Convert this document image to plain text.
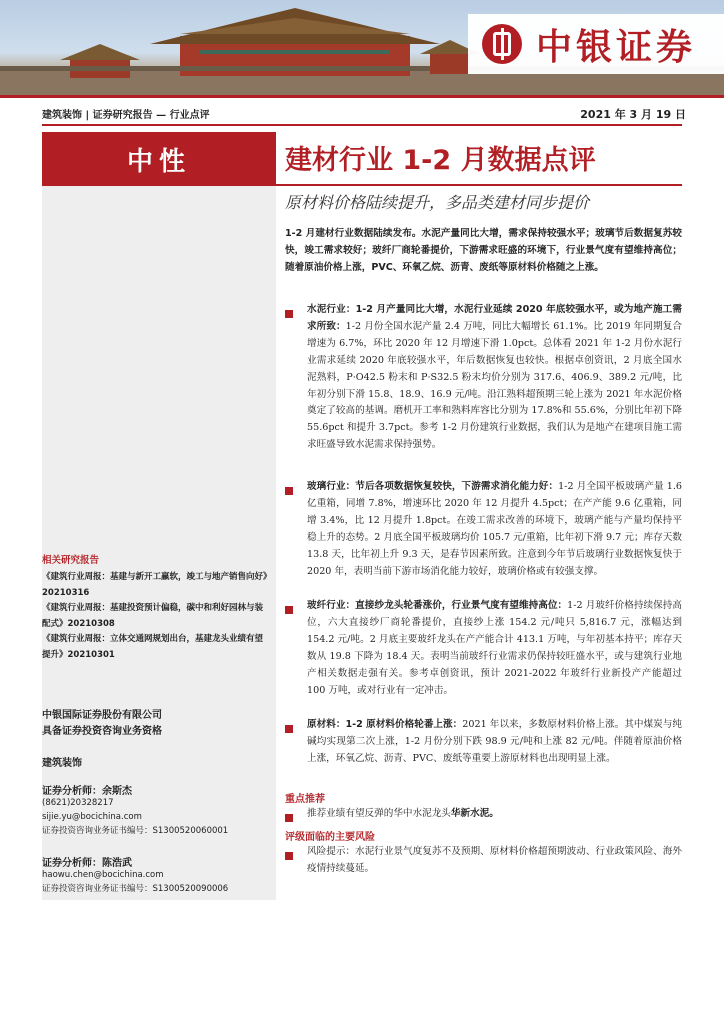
中银证券
建筑装饰 | 证券研究报告 — 行业点评	2021 年 3 月 19 日
中性	建材行业 1-2 月数据点评
原材料价格陆续提升，多品类建材同步提价
相关研究报告
《建筑行业周报：基建与新开工羸软，竣工与地产销售向好》20210316
《建筑行业周报：基建投资预计偏稳，碳中和利好园林与装配式》20210308
《建筑行业周报：立体交通网规划出台，基建龙头业绩有望提升》20210301
中银国际证券股份有限公司
具备证券投资咨询业务资格
建筑装饰
证券分析师：余斯杰
(8621)20328217
sijie.yu@bocichina.com
证券投资咨询业务证书编号：S1300520060001
证券分析师：陈浩武
haowu.chen@bocichina.com
证券投资咨询业务证书编号：S1300520090006
1-2 月建材行业数据陆续发布。水泥产量同比大增，需求保持较强水平；玻璃节后数据复苏较快，竣工需求较好；玻纤厂商轮番提价，下游需求旺盛的环境下，行业景气度有望维持高位；随着原油价格上涨，PVC、环氧乙烷、沥青、废纸等原材料价格随之上涨。
水泥行业：1-2 月产量同比大增，水泥行业延续 2020 年底较强水平，或为地产施工需求所致：1-2 月份全国水泥产量 2.4 万吨，同比大幅增长 61.1%。比 2019 年同期复合增速为 6.7%，环比 2020 年 12 月增速下滑 1.0pct。总体看 2021 年 1-2 月份水泥行业需求延续 2020 年底较强水平，年后数据恢复也较快。根据卓创资讯，2 月底全国水泥熟料，P·O42.5 粉末和 P·S32.5 粉末均价分别为 317.6、406.9、389.2 元/吨，比年初分别下滑 15.8、18.9、16.9 元/吨。沿江熟料超预期三轮上涨为 2021 年水泥价格奠定了较高的基调。磨机开工率和熟料库容比分别为 17.8%和 55.6%，分别比年初下降 55.6pct 和提升 3.7pct。参考 1-2 月份建筑行业数据，我们认为是地产在建项目施工需求旺盛导致水泥需求保持强势。
玻璃行业：节后各项数据恢复较快，下游需求消化能力好：1-2 月全国平板玻璃产量 1.6 亿重箱，同增 7.8%，增速环比 2020 年 12 月提升 4.5pct；在产产能 9.6 亿重箱，同增 3.4%，比 12 月提升 1.8pct。在竣工需求改善的环境下，玻璃产能与产量均保持平稳上升的态势。2 月底全国平板玻璃均价 105.7 元/重箱，比年初下滑 9.7 元；库存天数 13.8 天，比年初上升 9.3 天，是春节因素所致。注意到今年节后玻璃行业数据恢复快于 2020 年，表明当前下游市场消化能力较好，玻璃价格或有较强支撑。
玻纤行业：直接纱龙头轮番涨价，行业景气度有望维持高位：1-2 月玻纤价格持续保持高位，六大直接纱厂商轮番提价，直接纱上涨 154.2 元/吨只 5,816.7 元，涨幅达到 154.2 元/吨。2 月底主要玻纤龙头在产产能合计 413.1 万吨，与年初基本持平；库存天数从 19.8 下降为 18.4 天。表明当前玻纤行业需求仍保持较旺盛水平，或与建筑行业地产相关数据走强有关。参考卓创资讯，预计 2021-2022 年玻纤行业新投产产能超过 100 万吨，或对行业有一定冲击。
原材料：1-2 原材料价格轮番上涨：2021 年以来，多数原材料价格上涨。其中煤炭与纯碱均实现第二次上涨，1-2 月份分别下跌 98.9 元/吨和上涨 82 元/吨。伴随着原油价格上涨，环氧乙烷、沥青、PVC、废纸等重要上游原材料也出现明显上涨。
重点推荐
推荐业绩有望反弹的华中水泥龙头华新水泥。
评级面临的主要风险
风险提示：水泥行业景气度复苏不及预期、原材料价格超预期波动、行业政策风险、海外疫情持续蔓延。
